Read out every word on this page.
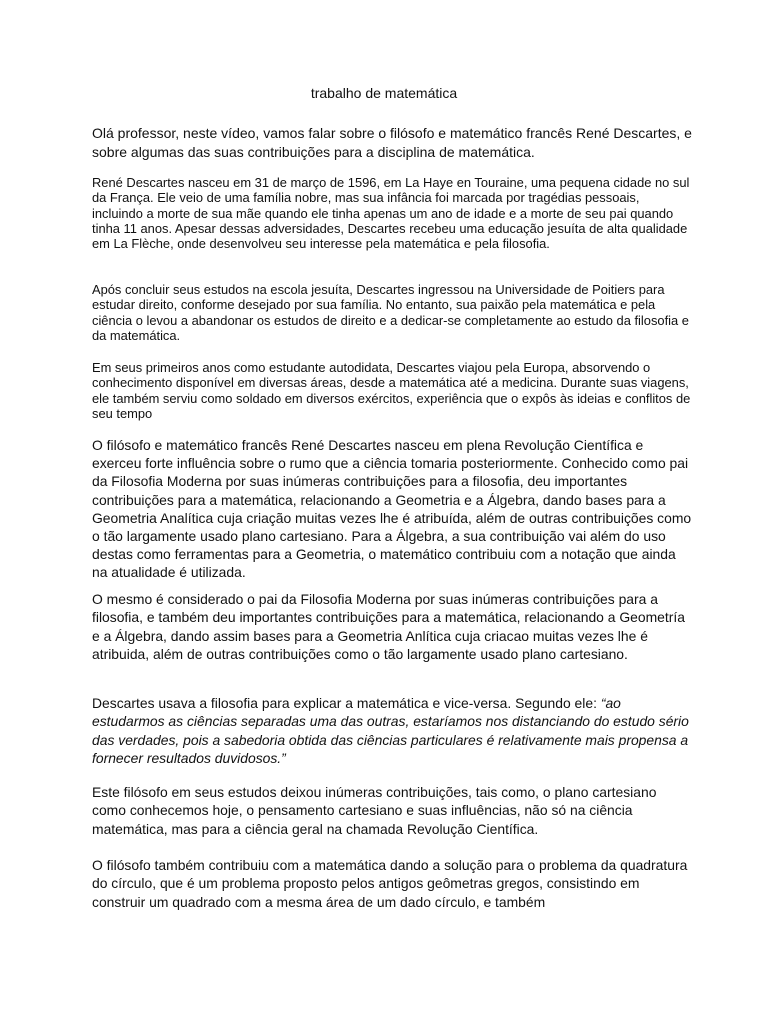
trabalho de matemática

Olá professor, neste vídeo, vamos falar sobre o filósofo e matemático francês René Descartes, e sobre algumas das suas contribuições para a disciplina de matemática.

René Descartes nasceu em 31 de março de 1596, em La Haye en Touraine, uma pequena cidade no sul da França. Ele veio de uma família nobre, mas sua infância foi marcada por tragédias pessoais, incluindo a morte de sua mãe quando ele tinha apenas um ano de idade e a morte de seu pai quando tinha 11 anos. Apesar dessas adversidades, Descartes recebeu uma educação jesuíta de alta qualidade em La Flèche, onde desenvolveu seu interesse pela matemática e pela filosofia.

Após concluir seus estudos na escola jesuíta, Descartes ingressou na Universidade de Poitiers para estudar direito, conforme desejado por sua família. No entanto, sua paixão pela matemática e pela ciência o levou a abandonar os estudos de direito e a dedicar-se completamente ao estudo da filosofia e da matemática.

Em seus primeiros anos como estudante autodidata, Descartes viajou pela Europa, absorvendo o conhecimento disponível em diversas áreas, desde a matemática até a medicina. Durante suas viagens, ele também serviu como soldado em diversos exércitos, experiência que o expôs às ideias e conflitos de seu tempo

O filósofo e matemático francês René Descartes nasceu em plena Revolução Científica e exerceu forte influência sobre o rumo que a ciência tomaria posteriormente. Conhecido como pai da Filosofia Moderna por suas inúmeras contribuições para a filosofia, deu importantes contribuições para a matemática, relacionando a Geometria e a Álgebra, dando bases para a Geometria Analítica cuja criação muitas vezes lhe é atribuída, além de outras contribuições como o tão largamente usado plano cartesiano. Para a Álgebra, a sua contribuição vai além do uso destas como ferramentas para a Geometria, o matemático contribuiu com a notação que ainda na atualidade é utilizada.

O mesmo é considerado o pai da Filosofia Moderna por suas inúmeras contribuições para a filosofia, e também deu importantes contribuições para a matemática, relacionando a Geometría e a Álgebra, dando assim bases para a Geometria Anlítica cuja criacao muitas vezes lhe é atribuida, além de outras contribuições como o tão largamente usado plano cartesiano.

Descartes usava a filosofia para explicar a matemática e vice-versa. Segundo ele: “ao estudarmos as ciências separadas uma das outras, estaríamos nos distanciando do estudo sério das verdades, pois a sabedoria obtida das ciências particulares é relativamente mais propensa a fornecer resultados duvidosos.”

Este filósofo em seus estudos deixou inúmeras contribuições, tais como, o plano cartesiano como conhecemos hoje, o pensamento cartesiano e suas influências, não só na ciência matemática, mas para a ciência geral na chamada Revolução Científica.

O filósofo também contribuiu com a matemática dando a solução para o problema da quadratura do círculo, que é um problema proposto pelos antigos geômetras gregos, consistindo em construir um quadrado com a mesma área de um dado círculo, e também
